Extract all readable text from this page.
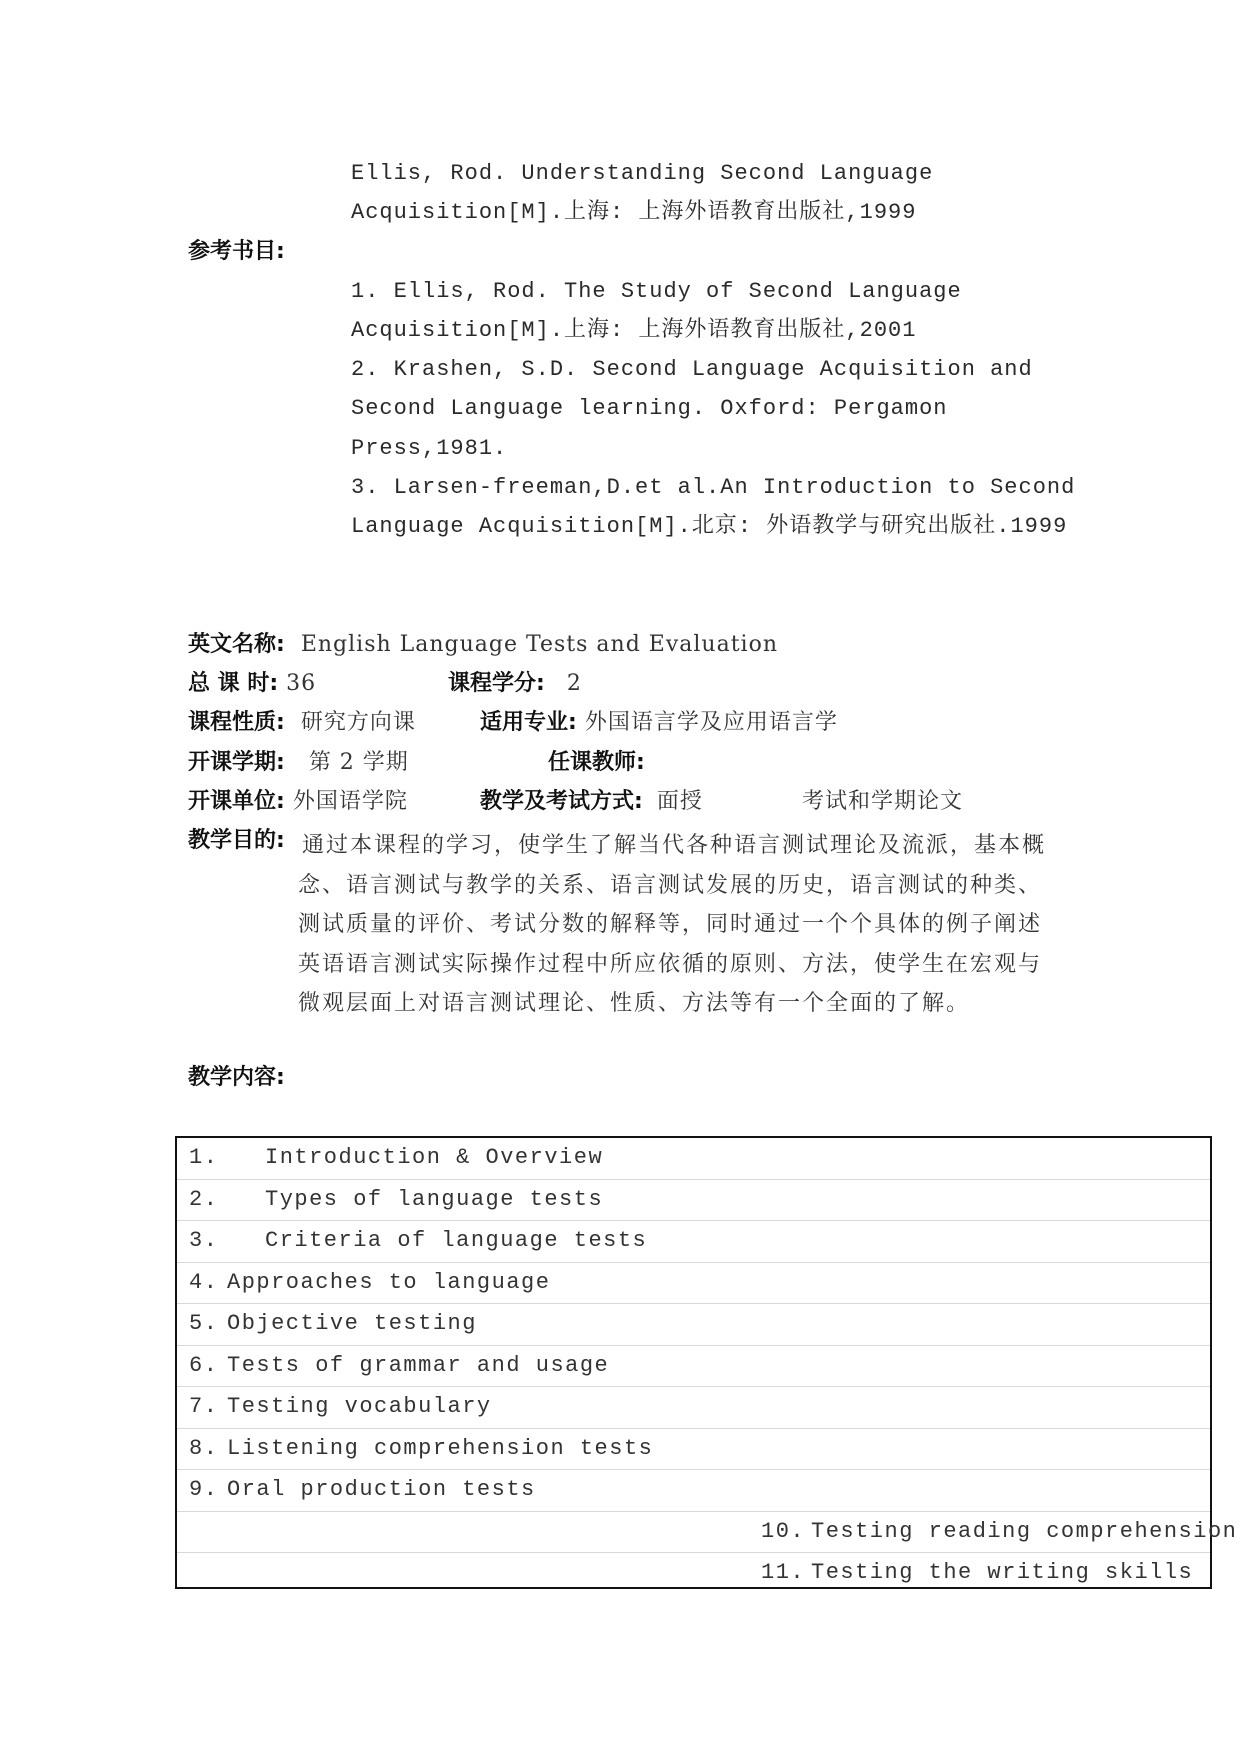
Ellis, Rod. Understanding Second Language
Acquisition[M].上海: 上海外语教育出版社,1999
参考书目:
1. Ellis, Rod. The Study of Second Language
Acquisition[M].上海: 上海外语教育出版社,2001
2. Krashen, S.D. Second Language Acquisition and
Second Language learning. Oxford: Pergamon
Press,1981.
3. Larsen-freeman,D.et al.An Introduction to Second
Language Acquisition[M].北京: 外语教学与研究出版社.1999
英文名称: English Language Tests and Evaluation
总 课 时: 36	课程学分: 2
课程性质: 研究方向课	适用专业: 外国语言学及应用语言学
开课学期: 第 2 学期	任课教师:
开课单位: 外国语学院	教学及考试方式: 面授	考试和学期论文
教学目的: 通过本课程的学习，使学生了解当代各种语言测试理论及流派，基本概念、语言测试与教学的关系、语言测试发展的历史，语言测试的种类、测试质量的评价、考试分数的解释等，同时通过一个个具体的例子阐述英语语言测试实际操作过程中所应依循的原则、方法，使学生在宏观与微观层面上对语言测试理论、性质、方法等有一个全面的了解。
教学内容:
1. Introduction & Overview
2. Types of language tests
3. Criteria of language tests
4. Approaches to language
5. Objective testing
6. Tests of grammar and usage
7. Testing vocabulary
8. Listening comprehension tests
9. Oral production tests
10. Testing reading comprehension
11. Testing the writing skills
